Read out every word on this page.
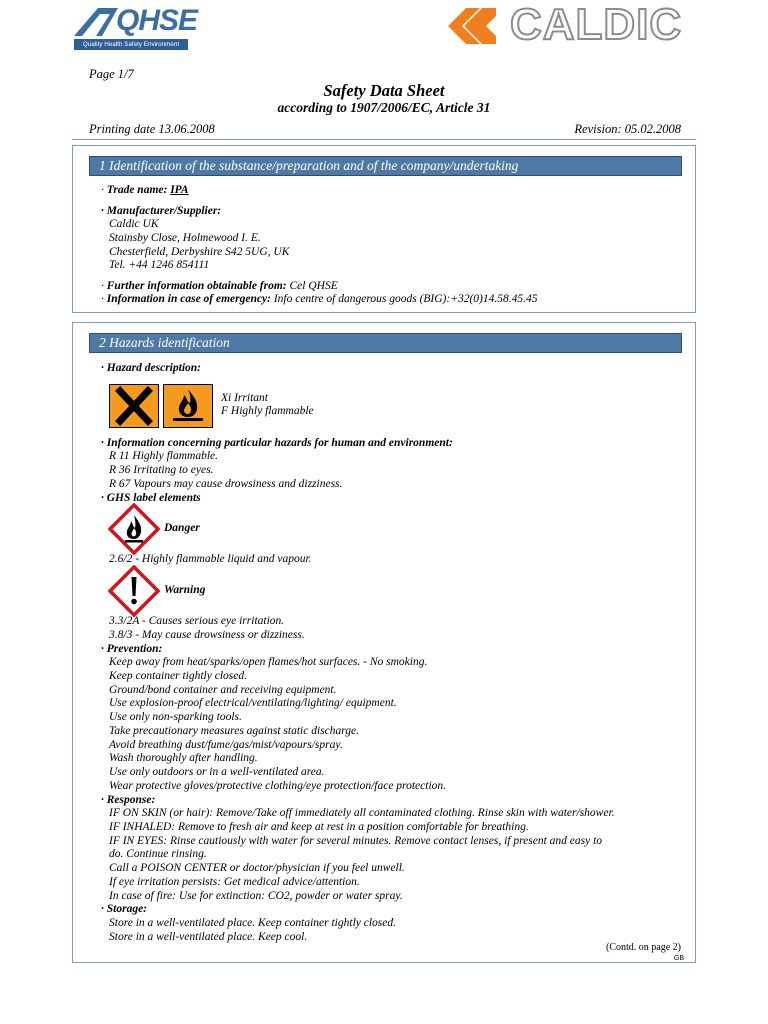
QHSE
Quality Health Safety Environment	CALDIC
Page 1/7
Safety Data Sheet
according to 1907/2006/EC, Article 31
Printing date 13.06.2008	Revision: 05.02.2008
1 Identification of the substance/preparation and of the company/undertaking
· Trade name: IPA
· Manufacturer/Supplier:
Caldic UK
Stainsby Close, Holmewood I. E.
Chesterfield, Derbyshire S42 5UG, UK
Tel. +44 1246 854111
· Further information obtainable from: Cel QHSE
· Information in case of emergency: Info centre of dangerous goods (BIG):+32(0)14.58.45.45
2 Hazards identification
· Hazard description:
Xi Irritant
F Highly flammable
· Information concerning particular hazards for human and environment:
R 11 Highly flammable.
R 36 Irritating to eyes.
R 67 Vapours may cause drowsiness and dizziness.
· GHS label elements
Danger
2.6/2 - Highly flammable liquid and vapour.
Warning
3.3/2A - Causes serious eye irritation.
3.8/3 - May cause drowsiness or dizziness.
· Prevention:
Keep away from heat/sparks/open flames/hot surfaces. - No smoking.
Keep container tightly closed.
Ground/bond container and receiving equipment.
Use explosion-proof electrical/ventilating/lighting/ equipment.
Use only non-sparking tools.
Take precautionary measures against static discharge.
Avoid breathing dust/fume/gas/mist/vapours/spray.
Wash thoroughly after handling.
Use only outdoors or in a well-ventilated area.
Wear protective gloves/protective clothing/eye protection/face protection.
· Response:
IF ON SKIN (or hair): Remove/Take off immediately all contaminated clothing. Rinse skin with water/shower.
IF INHALED: Remove to fresh air and keep at rest in a position comfortable for breathing.
IF IN EYES: Rinse cautiously with water for several minutes. Remove contact lenses, if present and easy to
do. Continue rinsing.
Call a POISON CENTER or doctor/physician if you feel unwell.
If eye irritation persists: Get medical advice/attention.
In case of fire: Use for extinction: CO2, powder or water spray.
· Storage:
Store in a well-ventilated place. Keep container tightly closed.
Store in a well-ventilated place. Keep cool.
(Contd. on page 2)
GB
